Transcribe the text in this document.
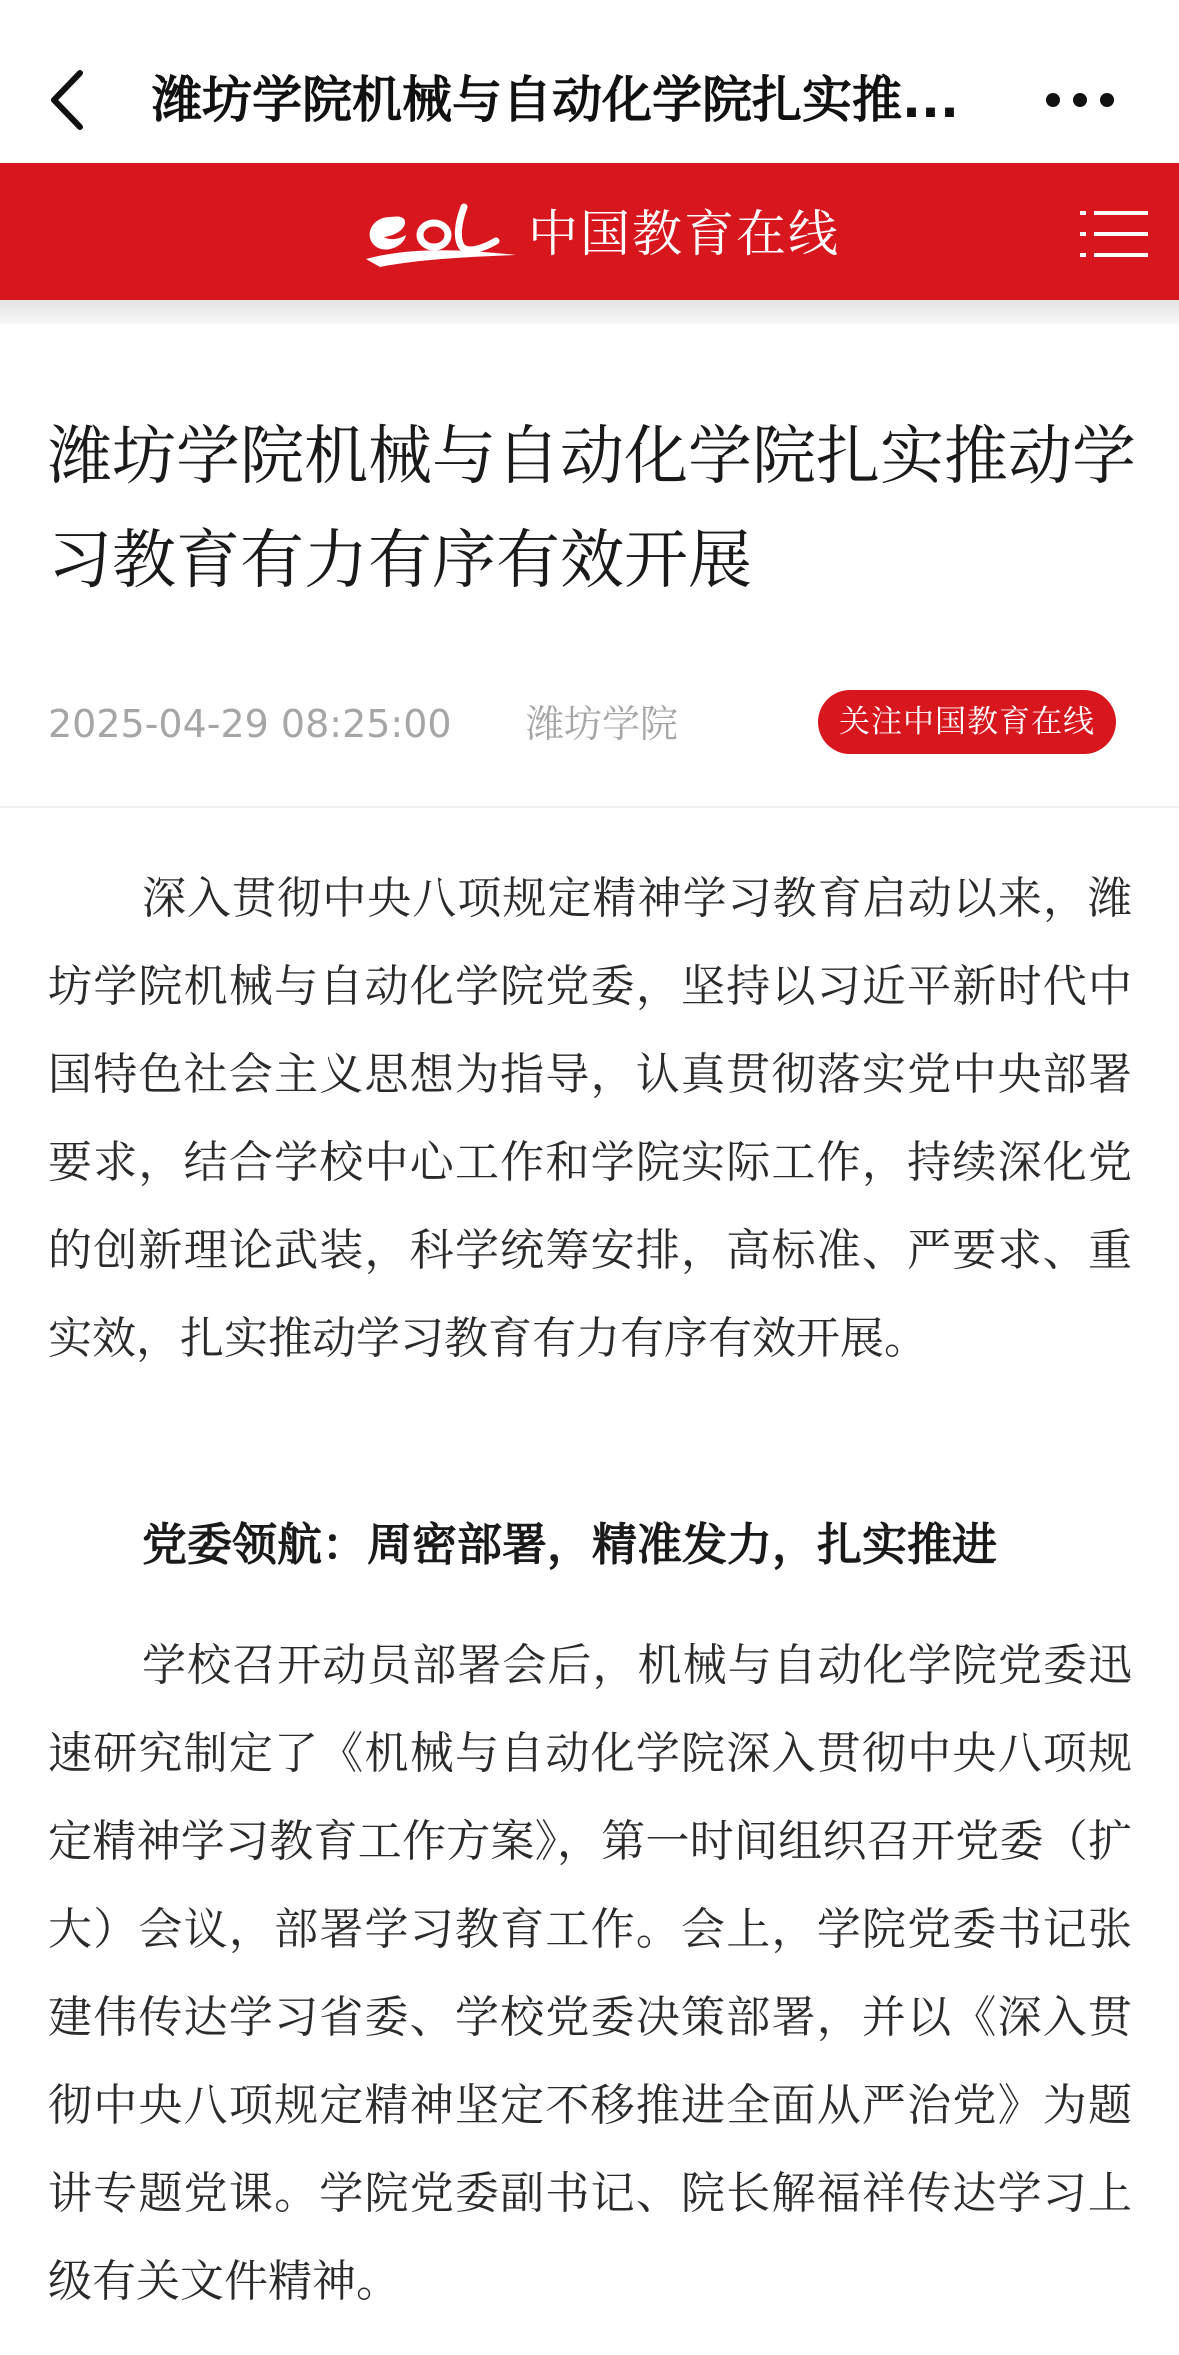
潍坊学院机械与自动化学院扎实推...
中国教育在线
潍坊学院机械与自动化学院扎实推动学习教育有力有序有效开展
2025-04-29 08:25:00 潍坊学院	关注中国教育在线

深入贯彻中央八项规定精神学习教育启动以来，潍坊学院机械与自动化学院党委，坚持以习近平新时代中国特色社会主义思想为指导，认真贯彻落实党中央部署要求，结合学校中心工作和学院实际工作，持续深化党的创新理论武装，科学统筹安排，高标准、严要求、重实效，扎实推动学习教育有力有序有效开展。

党委领航：周密部署，精准发力，扎实推进

学校召开动员部署会后，机械与自动化学院党委迅速研究制定了《机械与自动化学院深入贯彻中央八项规定精神学习教育工作方案》，第一时间组织召开党委（扩大）会议，部署学习教育工作。会上，学院党委书记张建伟传达学习省委、学校党委决策部署，并以《深入贯彻中央八项规定精神坚定不移推进全面从严治党》为题讲专题党课。学院党委副书记、院长解福祥传达学习上级有关文件精神。
